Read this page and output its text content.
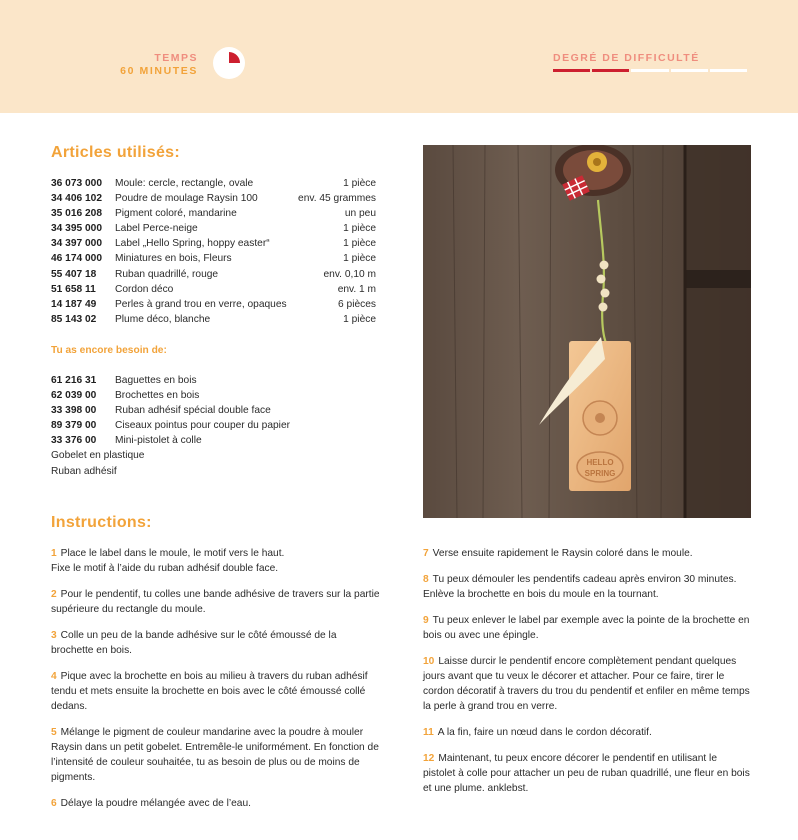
TEMPS
60 MINUTES
DEGRÉ DE DIFFICULTÉ
Articles utilisés:
36 073 000	Moule: cercle, rectangle, ovale	1 pièce
34 406 102	Poudre de moulage Raysin 100	env. 45 grammes
35 016 208	Pigment coloré, mandarine	un peu
34 395 000	Label Perce-neige	1 pièce
34 397 000	Label „Hello Spring, hoppy easter“	1 pièce
46 174 000	Miniatures en bois, Fleurs	1 pièce
55 407 18	Ruban quadrillé, rouge	env. 0,10 m
51 658 11	Cordon déco	env. 1 m
14 187 49	Perles à grand trou en verre, opaques	6 pièces
85 143 02	Plume déco, blanche	1 pièce
Tu as encore besoin de:
61 216 31	Baguettes en bois
62 039 00	Brochettes en bois
33 398 00	Ruban adhésif spécial double face
89 379 00	Ciseaux pointus pour couper du papier
33 376 00	Mini-pistolet à colle
Gobelet en plastique
Ruban adhésif
HELLO
SPRING
Instructions:
1 Place le label dans le moule, le motif vers le haut.
Fixe le motif à l’aide du ruban adhésif double face.
2 Pour le pendentif, tu colles une bande adhésive de travers sur la partie supérieure du rectangle du moule.
3 Colle un peu de la bande adhésive sur le côté émoussé de la brochette en bois.
4 Pique avec la brochette en bois au milieu à travers du ruban adhésif tendu et mets ensuite la brochette en bois avec le côté émoussé collé dedans.
5 Mélange le pigment de couleur mandarine avec la poudre à mouler Raysin dans un petit gobelet. Entremêle-le uniformément. En fonction de l’intensité de couleur souhaitée, tu as besoin de plus ou de moins de pigments.
6 Délaye la poudre mélangée avec de l’eau.
7 Verse ensuite rapidement le Raysin coloré dans le moule.
8 Tu peux démouler les pendentifs cadeau après environ 30 minutes. Enlève la brochette en bois du moule en la tournant.
9 Tu peux enlever le label par exemple avec la pointe de la brochette en bois ou avec une épingle.
10 Laisse durcir le pendentif encore complètement pendant quelques jours avant que tu veux le décorer et attacher. Pour ce faire, tirer le cordon décoratif à travers du trou du pendentif et enfiler en même temps la perle à grand trou en verre.
11 A la fin, faire un nœud dans le cordon décoratif.
12 Maintenant, tu peux encore décorer le pendentif en utilisant le pistolet à colle pour attacher un peu de ruban quadrillé, une fleur en bois et une plume. anklebst.
